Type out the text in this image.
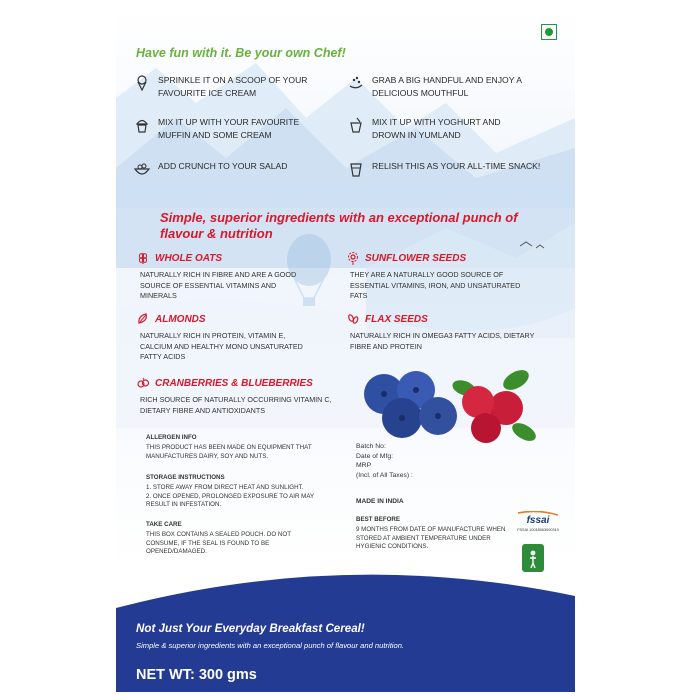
Have fun with it. Be your own Chef!
SPRINKLE IT ON A SCOOP OF YOUR FAVOURITE ICE CREAM
GRAB A BIG HANDFUL AND ENJOY A DELICIOUS MOUTHFUL
MIX IT UP WITH YOUR FAVOURITE MUFFIN AND SOME CREAM
MIX IT UP WITH YOGHURT AND DROWN IN YUMLAND
ADD CRUNCH TO YOUR SALAD	RELISH THIS AS YOUR ALL-TIME SNACK!
Simple, superior ingredients with an exceptional punch of flavour & nutrition
WHOLE OATS
NATURALLY RICH IN FIBRE AND ARE A GOOD SOURCE OF ESSENTIAL VITAMINS AND MINERALS
SUNFLOWER SEEDS
THEY ARE A NATURALLY GOOD SOURCE OF ESSENTIAL VITAMINS, IRON, AND UNSATURATED FATS
ALMONDS
NATURALLY RICH IN PROTEIN, VITAMIN E, CALCIUM AND HEALTHY MONO UNSATURATED FATTY ACIDS
FLAX SEEDS
NATURALLY RICH IN OMEGA3 FATTY ACIDS, DIETARY FIBRE AND PROTEIN
CRANBERRIES & BLUEBERRIES
RICH SOURCE OF NATURALLY OCCURRING VITAMIN C, DIETARY FIBRE AND ANTIOXIDANTS
ALLERGEN INFO
THIS PRODUCT HAS BEEN MADE ON EQUIPMENT THAT MANUFACTURES DAIRY, SOY AND NUTS.
STORAGE INSTRUCTIONS
1. STORE AWAY FROM DIRECT HEAT AND SUNLIGHT.
2. ONCE OPENED, PROLONGED EXPOSURE TO AIR MAY RESULT IN INFESTATION.
TAKE CARE
THIS BOX CONTAINS A SEALED POUCH. DO NOT CONSUME, IF THE SEAL IS FOUND TO BE OPENED/DAMAGED.
Batch No:
Date of Mfg:
MRP
(Incl. of All Taxes) :
MADE IN INDIA
BEST BEFORE
9 MONTHS FROM DATE OF MANUFACTURE WHEN STORED AT AMBIENT TEMPERATURE UNDER HYGIENIC CONDITIONS.
fssai
FSSAI 10018063000319
Not Just Your Everyday Breakfast Cereal!
Simple & superior ingredients with an exceptional punch of flavour and nutrition.
NET WT: 300 gms
